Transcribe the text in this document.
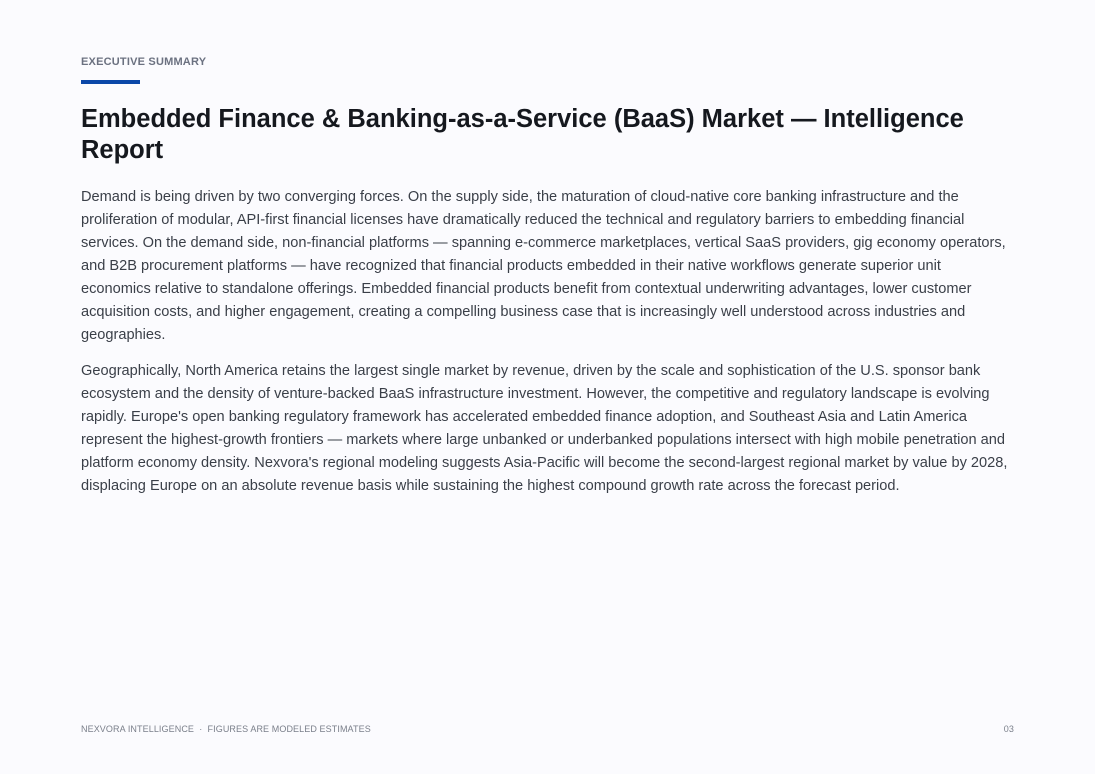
EXECUTIVE SUMMARY
Embedded Finance & Banking-as-a-Service (BaaS) Market — Intelligence Report

Demand is being driven by two converging forces. On the supply side, the maturation of cloud-native core banking infrastructure and the proliferation of modular, API-first financial licenses have dramatically reduced the technical and regulatory barriers to embedding financial services. On the demand side, non-financial platforms — spanning e-commerce marketplaces, vertical SaaS providers, gig economy operators, and B2B procurement platforms — have recognized that financial products embedded in their native workflows generate superior unit economics relative to standalone offerings. Embedded financial products benefit from contextual underwriting advantages, lower customer acquisition costs, and higher engagement, creating a compelling business case that is increasingly well understood across industries and geographies.

Geographically, North America retains the largest single market by revenue, driven by the scale and sophistication of the U.S. sponsor bank ecosystem and the density of venture-backed BaaS infrastructure investment. However, the competitive and regulatory landscape is evolving rapidly. Europe's open banking regulatory framework has accelerated embedded finance adoption, and Southeast Asia and Latin America represent the highest-growth frontiers — markets where large unbanked or underbanked populations intersect with high mobile penetration and platform economy density. Nexvora's regional modeling suggests Asia-Pacific will become the second-largest regional market by value by 2028, displacing Europe on an absolute revenue basis while sustaining the highest compound growth rate across the forecast period.

NEXVORA INTELLIGENCE  ·  FIGURES ARE MODELED ESTIMATES	03
